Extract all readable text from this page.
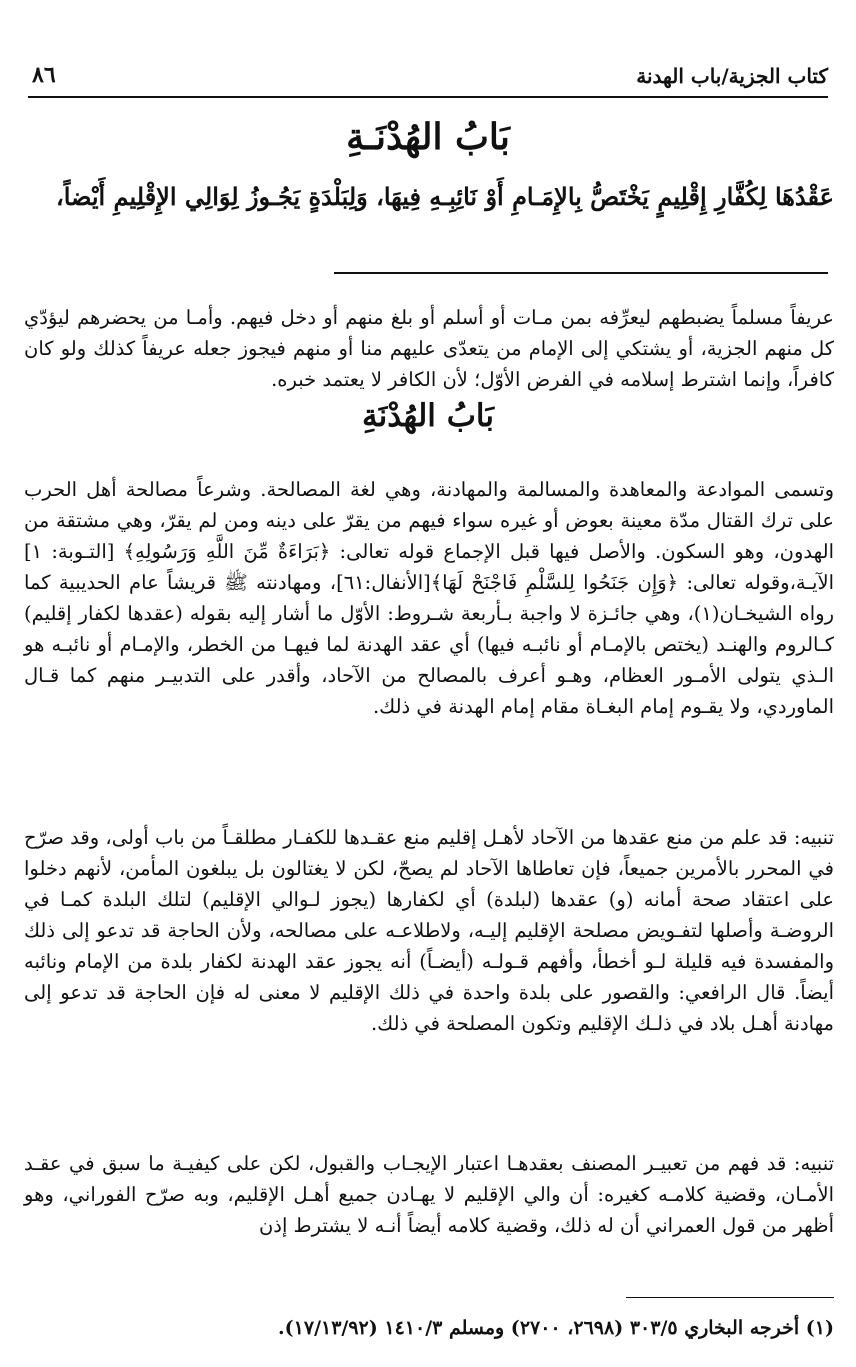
كتاب الجزية/باب الهدنة
٨٦
بَابُ الهُدْنَـةِ
عَقْدُهَا لِكُفَّارِ إِقْلِيمٍ يَخْتَصُّ بِالإِمَـامِ أَوْ نَائِبِـهِ فِيهَا، وَلِبَلْدَةٍ يَجُـوزُ لِوَالِي الإِقْلِيمِ أَيْضاً،

عريفاً مسلماً يضبطهم ليعرِّفه بمن مـات أو أسلم أو بلغ منهم أو دخل فيهم. وأمـا من يحضرهم ليؤدّي كل منهم الجزية، أو يشتكي إلى الإمام من يتعدّى عليهم منا أو منهم فيجوز جعله عريفاً كذلك ولو كان كافراً، وإنما اشترط إسلامه في الفرض الأوّل؛ لأن الكافر لا يعتمد خبره.

بَابُ الهُدْنَةِ

وتسمى الموادعة والمعاهدة والمسالمة والمهادنة، وهي لغة المصالحة. وشرعاً مصالحة أهل الحرب على ترك القتال مدّة معينة بعوض أو غيره سواء فيهم من يقرّ على دينه ومن لم يقرّ، وهي مشتقة من الهدون، وهو السكون. والأصل فيها قبل الإجماع قوله تعالى: ﴿بَرَاءَةٌ مِّنَ اللَّهِ وَرَسُولِهِ﴾ [التـوبة: ١] الآيـة،وقوله تعالى: ﴿وَإِن جَنَحُوا لِلسَّلْمِ فَاجْنَحْ لَهَا﴾[الأنفال:٦١]، ومهادنته ﷺ قريشاً عام الحديبية كما رواه الشيخـان(١)، وهي جائـزة لا واجبة بـأربعة شـروط: الأوّل ما أشار إليه بقوله (عقدها لكفار إقليم) كـالروم والهنـد (يختص بالإمـام أو نائبـه فيها) أي عقد الهدنة لما فيهـا من الخطر، والإمـام أو نائبـه هو الـذي يتولى الأمـور العظام، وهـو أعرف بالمصالح من الآحاد، وأقدر على التدبيـر منهم كما قـال الماوردي، ولا يقـوم إمام البغـاة مقام إمام الهدنة في ذلك.

تنبيه: قد علم من منع عقدها من الآحاد لأهـل إقليم منع عقـدها للكفـار مطلقـاً من باب أولى، وقد صرّح في المحرر بالأمرين جميعاً، فإن تعاطاها الآحاد لم يصحّ، لكن لا يغتالون بل يبلغون المأمن، لأنهم دخلوا على اعتقاد صحة أمانه (و) عقدها (لبلدة) أي لكفارها (يجوز لـوالي الإقليم) لتلك البلدة كمـا في الروضـة وأصلها لتفـويض مصلحة الإقليم إليـه، ولاطلاعـه على مصالحه، ولأن الحاجة قد تدعو إلى ذلك والمفسدة فيه قليلة لـو أخطأ، وأفهم قـولـه (أيضـاً) أنه يجوز عقد الهدنة لكفار بلدة من الإمام ونائبه أيضاً. قال الرافعي: والقصور على بلدة واحدة في ذلك الإقليم لا معنى له فإن الحاجة قد تدعو إلى مهادنة أهـل بلاد في ذلـك الإقليم وتكون المصلحة في ذلك.

تنبيه: قد فهم من تعبيـر المصنف بعقدهـا اعتبار الإيجـاب والقبول، لكن على كيفيـة ما سبق في عقـد الأمـان، وقضية كلامـه كغيره: أن والي الإقليم لا يهـادن جميع أهـل الإقليم، وبه صرّح الفوراني، وهو أظهر من قول العمراني أن له ذلك، وقضية كلامه أيضاً أنـه لا يشترط إذن

(١) أخرجه البخاري ٣٠٣/٥ (٢٦٩٨، ٢٧٠٠) ومسلم ١٤١٠/٣ (١٧/١٣/٩٢).
